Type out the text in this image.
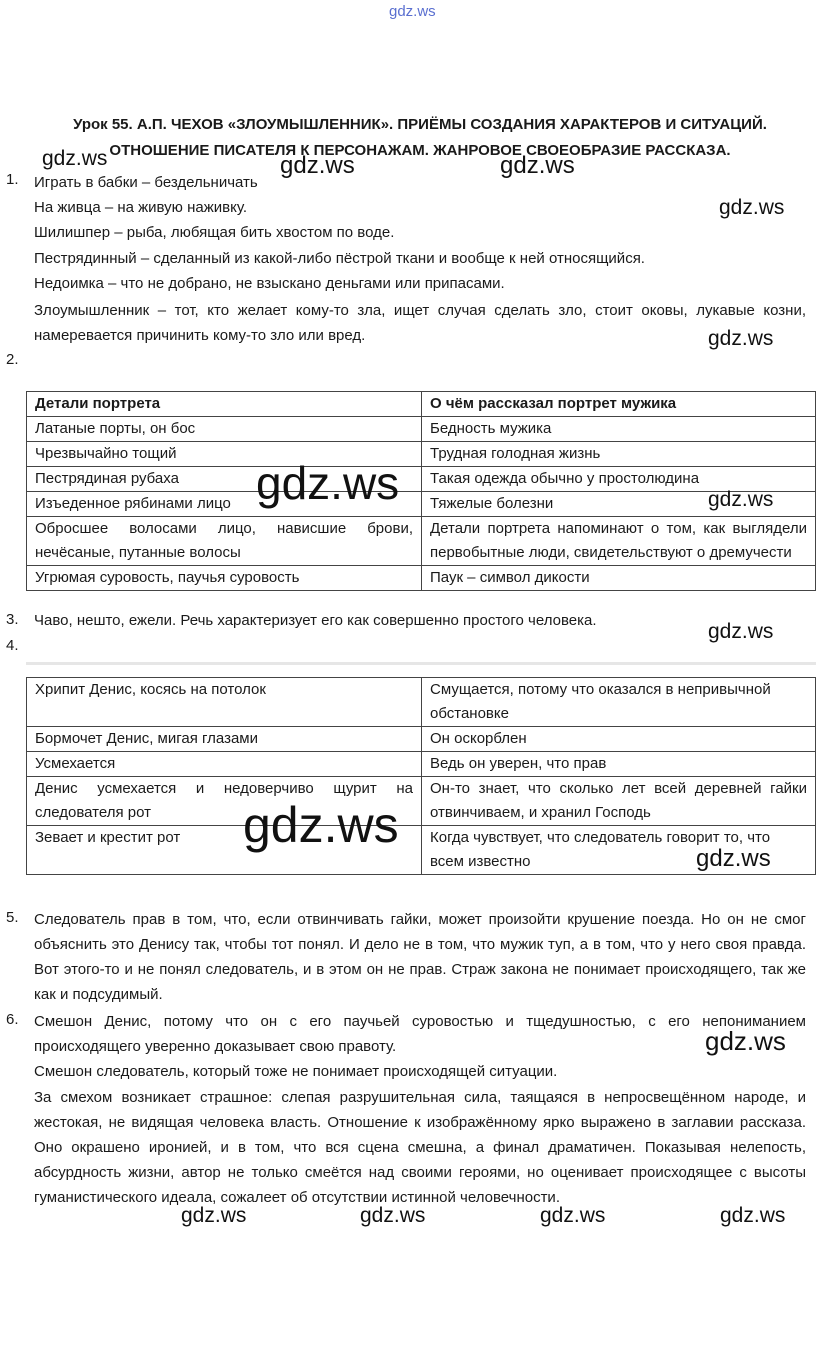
gdz.ws
Урок 55. А.П. ЧЕХОВ «ЗЛОУМЫШЛЕННИК». ПРИЁМЫ СОЗДАНИЯ ХАРАКТЕРОВ И СИТУАЦИЙ.
ОТНОШЕНИЕ ПИСАТЕЛЯ К ПЕРСОНАЖАМ. ЖАНРОВОЕ СВОЕОБРАЗИЕ РАССКАЗА.
1. Играть в бабки – бездельничать
На живца – на живую наживку.
Шилишпер – рыба, любящая бить хвостом по воде.
Пестрядинный – сделанный из какой-либо пёстрой ткани и вообще к ней относящийся.
Недоимка – что не добрано, не взыскано деньгами или припасами.
Злоумышленник – тот, кто желает кому-то зла, ищет случая сделать зло, стоит оковы, лукавые козни, намеревается причинить кому-то зло или вред.
2.
Детали портрета	О чём рассказал портрет мужика
Латаные порты, он бос	Бедность мужика
Чрезвычайно тощий	Трудная голодная жизнь
Пестрядиная рубаха	Такая одежда обычно у простолюдина
Изъеденное рябинами лицо	Тяжелые болезни
Обросшее волосами лицо, нависшие брови, нечёсаные, путанные волосы	Детали портрета напоминают о том, как выглядели первобытные люди, свидетельствуют о дремучести
Угрюмая суровость, паучья суровость	Паук – символ дикости
3. Чаво, нешто, ежели. Речь характеризует его как совершенно простого человека.
4.
Хрипит Денис, косясь на потолок	Смущается, потому что оказался в непривычной обстановке
Бормочет Денис, мигая глазами	Он оскорблен
Усмехается	Ведь он уверен, что прав
Денис усмехается и недоверчиво щурит на следователя рот	Он-то знает, что сколько лет всей деревней гайки отвинчиваем, и хранил Господь
Зевает и крестит рот	Когда чувствует, что следователь говорит то, что всем известно
5. Следователь прав в том, что, если отвинчивать гайки, может произойти крушение поезда. Но он не смог объяснить это Денису так, чтобы тот понял. И дело не в том, что мужик туп, а в том, что у него своя правда. Вот этого-то и не понял следователь, и в этом он не прав. Страж закона не понимает происходящего, так же как и подсудимый.
6. Смешон Денис, потому что он с его паучьей суровостью и тщедушностью, с его непониманием происходящего уверенно доказывает свою правоту.
Смешон следователь, который тоже не понимает происходящей ситуации.
За смехом возникает страшное: слепая разрушительная сила, таящаяся в непросвещённом народе, и жестокая, не видящая человека власть. Отношение к изображённому ярко выражено в заглавии рассказа. Оно окрашено иронией, и в том, что вся сцена смешна, а финал драматичен. Показывая нелепость, абсурдность жизни, автор не только смеётся над своими героями, но оценивает происходящее с высоты гуманистического идеала, сожалеет об отсутствии истинной человечности.
gdz.ws	gdz.ws	gdz.ws
gdz.ws
gdz.ws
gdz.ws	gdz.ws
gdz.ws
gdz.ws
gdz.ws
gdz.ws
gdz.ws	gdz.ws	gdz.ws	gdz.ws
